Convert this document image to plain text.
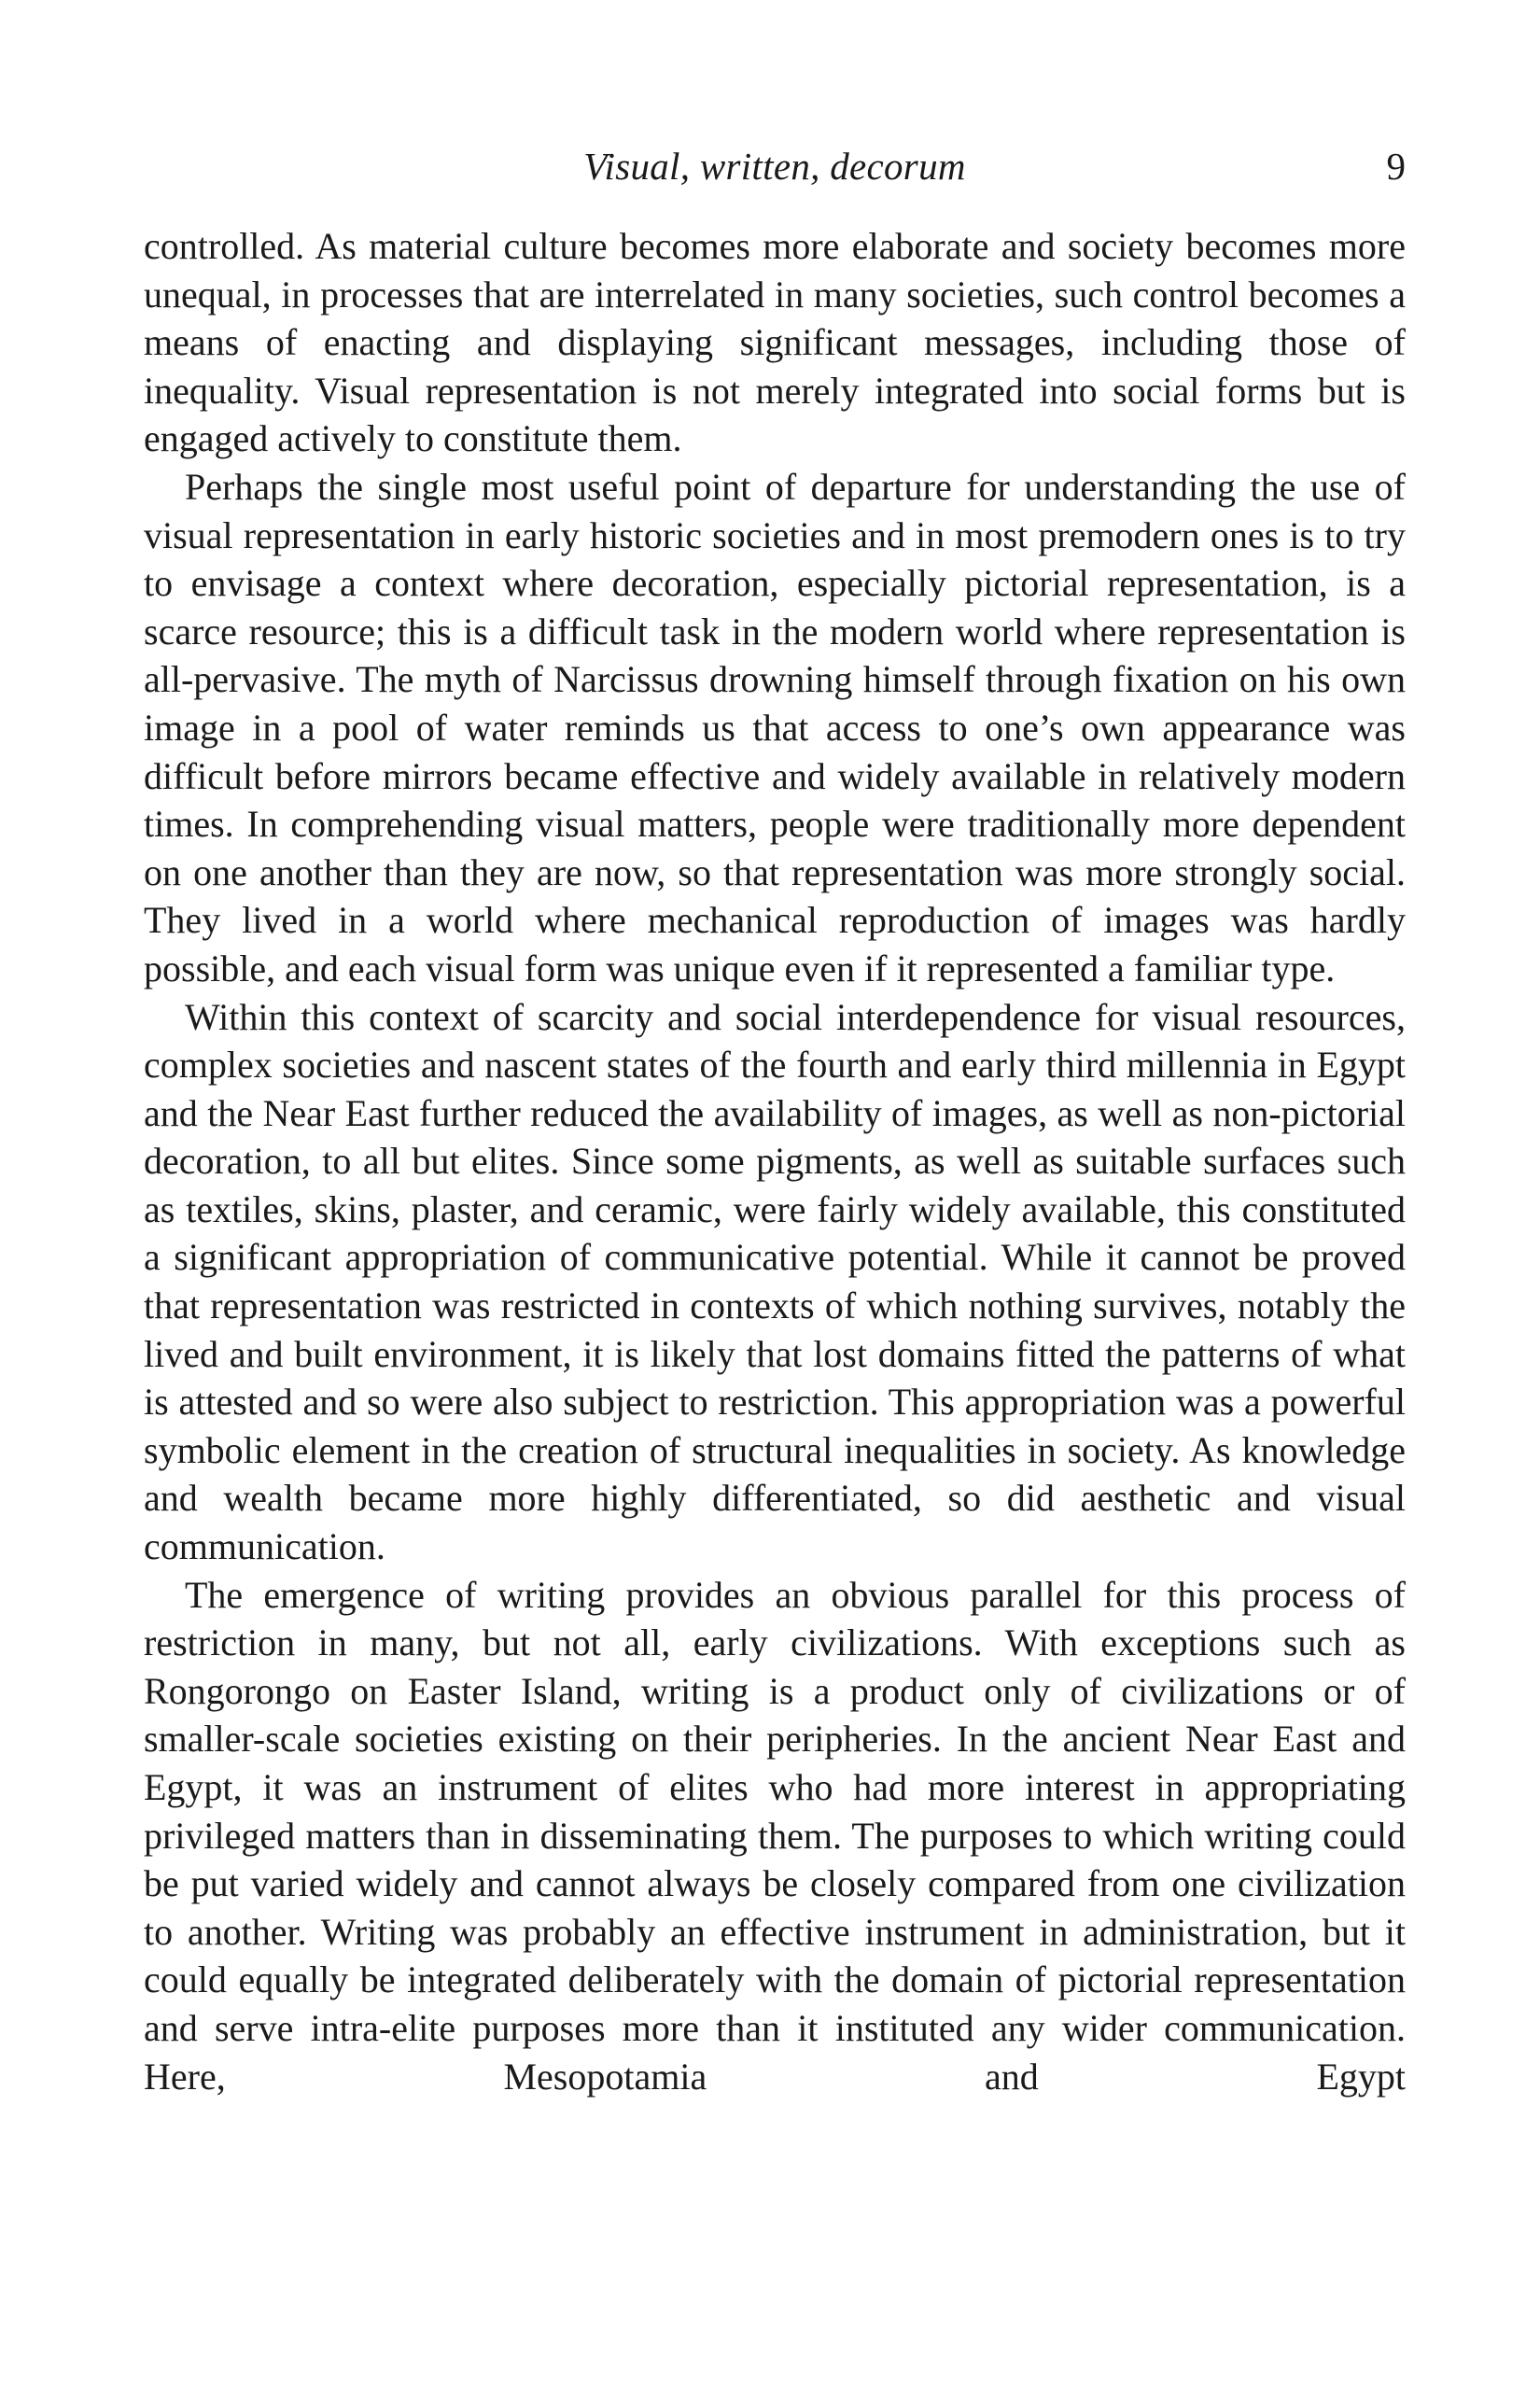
Visual, written, decorum	9

controlled. As material culture becomes more elaborate and society becomes more unequal, in processes that are interrelated in many societies, such control becomes a means of enacting and displaying significant messages, including those of inequality. Visual representation is not merely integrated into social forms but is engaged actively to constitute them.

Perhaps the single most useful point of departure for understanding the use of visual representation in early historic societies and in most premodern ones is to try to envisage a context where decoration, especially pictorial representation, is a scarce resource; this is a difficult task in the modern world where representation is all-pervasive. The myth of Narcissus drowning himself through fixation on his own image in a pool of water reminds us that access to one’s own appearance was difficult before mirrors became effective and widely available in relatively modern times. In comprehending visual matters, people were traditionally more dependent on one another than they are now, so that representation was more strongly social. They lived in a world where mechanical reproduction of images was hardly possible, and each visual form was unique even if it represented a familiar type.

Within this context of scarcity and social interdependence for visual resources, complex societies and nascent states of the fourth and early third millennia in Egypt and the Near East further reduced the availability of images, as well as non-pictorial decoration, to all but elites. Since some pigments, as well as suitable surfaces such as textiles, skins, plaster, and ceramic, were fairly widely available, this constituted a significant appropriation of communicative potential. While it cannot be proved that representation was restricted in contexts of which nothing survives, notably the lived and built environment, it is likely that lost domains fitted the patterns of what is attested and so were also subject to restriction. This appropriation was a powerful symbolic element in the creation of structural inequalities in society. As knowledge and wealth became more highly differentiated, so did aesthetic and visual communication.

The emergence of writing provides an obvious parallel for this process of restriction in many, but not all, early civilizations. With exceptions such as Rongorongo on Easter Island, writing is a product only of civilizations or of smaller-scale societies existing on their peripheries. In the ancient Near East and Egypt, it was an instrument of elites who had more interest in appropriating privileged matters than in disseminating them. The purposes to which writing could be put varied widely and cannot always be closely compared from one civilization to another. Writing was probably an effective instrument in administration, but it could equally be integrated deliberately with the domain of pictorial representation and serve intra-elite purposes more than it instituted any wider communication. Here, Mesopotamia and Egypt
